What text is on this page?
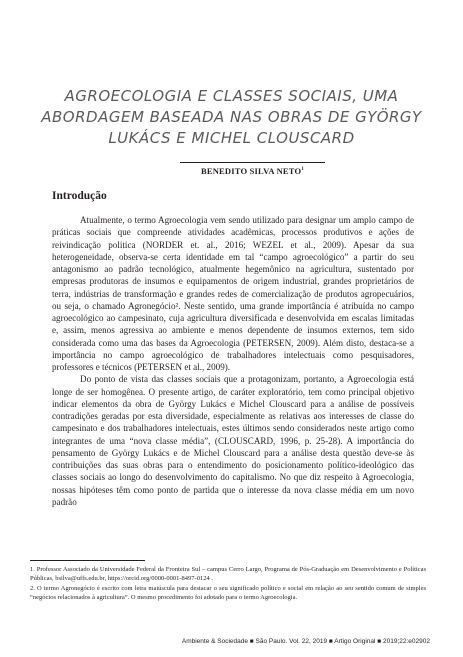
AGROECOLOGIA E CLASSES SOCIAIS, UMA ABORDAGEM BASEADA NAS OBRAS DE GYÖRGY LUKÁCS E MICHEL CLOUSCARD
BENEDITO SILVA NETO$^1$
Introdução

Atualmente, o termo Agroecologia vem sendo utilizado para designar um amplo campo de práticas sociais que compreende atividades acadêmicas, processos produtivos e ações de reivindicação política (NORDER et. al., 2016; WEZEL et al., 2009). Apesar da sua heterogeneidade, observa-se certa identidade em tal “campo agroecológico” a partir do seu antagonismo ao padrão tecnológico, atualmente hegemônico na agricultura, sustentado por empresas produtoras de insumos e equipamentos de origem industrial, grandes proprietários de terra, indústrias de transformação e grandes redes de comercialização de produtos agropecuários, ou seja, o chamado Agronegócio². Neste sentido, uma grande importância é atribuída no campo agroecológico ao campesinato, cuja agricultura diversificada e desenvolvida em escalas limitadas e, assim, menos agressiva ao ambiente e menos dependente de insumos externos, tem sido considerada como uma das bases da Agroecologia (PETERSEN, 2009). Além disto, destaca-se a importância no campo agroecológico de trabalhadores intelectuais como pesquisadores, professores e técnicos (PETERSEN et al., 2009).

Do ponto de vista das classes sociais que a protagonizam, portanto, a Agroecologia está longe de ser homogênea. O presente artigo, de caráter exploratório, tem como principal objetivo indicar elementos da obra de György Lukács e Michel Clouscard para a análise de possíveis contradições geradas por esta diversidade, especialmente as relativas aos interesses de classe do campesinato e dos trabalhadores intelectuais, estes últimos sendo considerados neste artigo como integrantes de uma “nova classe média”, (CLOUSCARD, 1996, p. 25-28). A importância do pensamento de György Lukács e de Michel Clouscard para a análise desta questão deve-se às contribuições das suas obras para o entendimento do posicionamento político-ideológico das classes sociais ao longo do desenvolvimento do capitalismo. No que diz respeito à Agroecologia, nossas hipóteses têm como ponto de partida que o interesse da nova classe média em um novo padrão

1. Professor Associado da Universidade Federal da Fronteira Sul – campus Cerro Largo, Programa de Pós-Graduação em Desenvolvimento e Políticas Públicas, bsilva@uffs.edu.br, https://orcid.org/0000-0001-8497-0124 .

2. O termo Agronegócio é escrito com letra maiúscula para destacar o seu significado político e social em relação ao seu sentido comum de simples “negócios relacionados à agricultura”. O mesmo procedimento foi adotado para o termo Agroecologia.

Ambiente & Sociedade ■ São Paulo. Vol. 22, 2019 ■ Artigo Original ■ 2019;22:e02902
